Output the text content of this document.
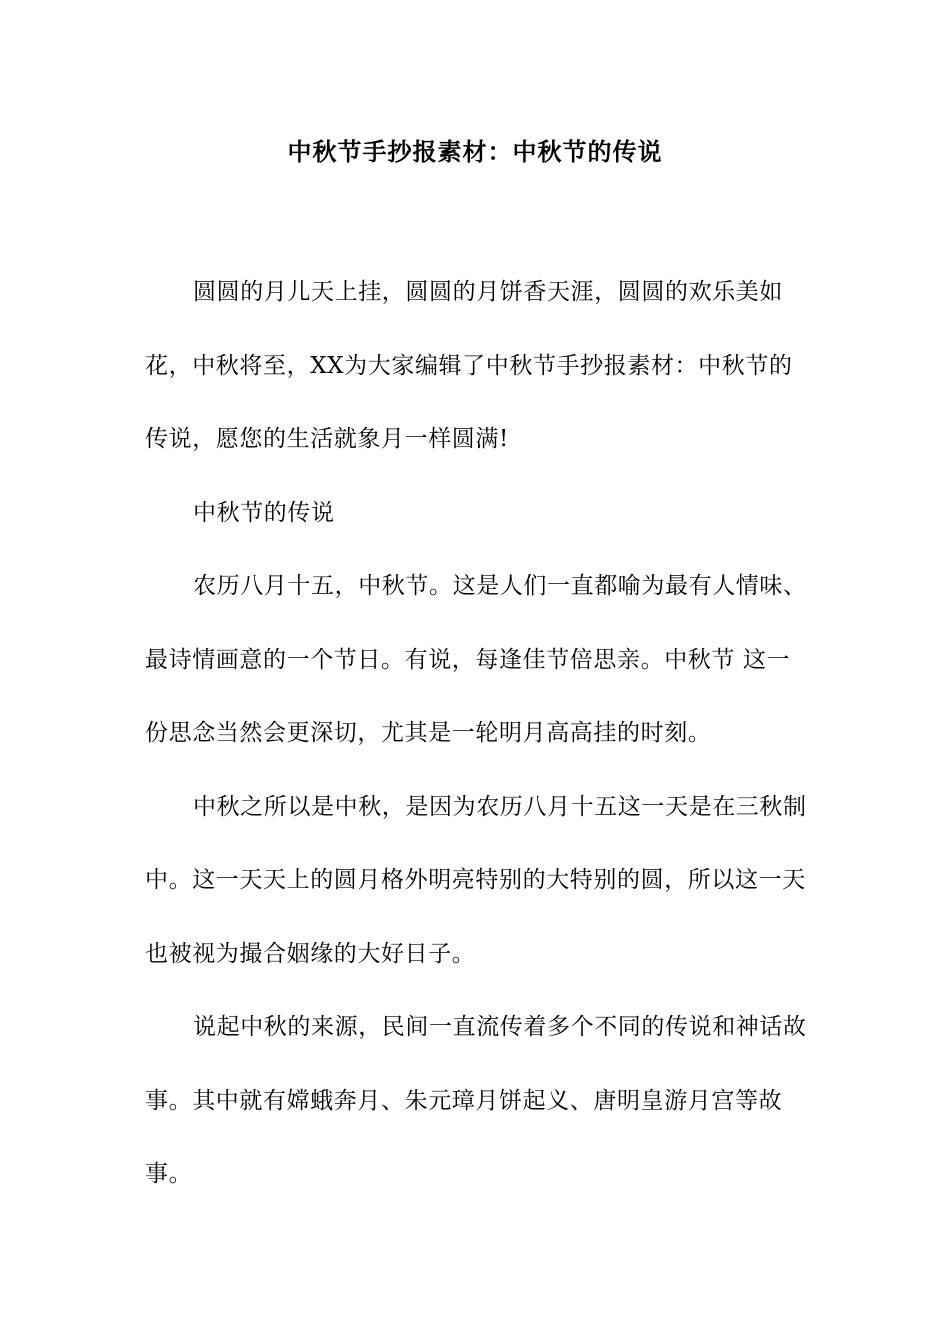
中秋节手抄报素材：中秋节的传说

圆圆的月儿天上挂，圆圆的月饼香天涯，圆圆的欢乐美如花，中秋将至，XX为大家编辑了中秋节手抄报素材：中秋节的传说，愿您的生活就象月一样圆满!

中秋节的传说

农历八月十五，中秋节。这是人们一直都喻为最有人情味、最诗情画意的一个节日。有说，每逢佳节倍思亲。中秋节 这一份思念当然会更深切，尤其是一轮明月高高挂的时刻。

中秋之所以是中秋，是因为农历八月十五这一天是在三秋制中。这一天天上的圆月格外明亮特别的大特别的圆，所以这一天也被视为撮合姻缘的大好日子。

说起中秋的来源，民间一直流传着多个不同的传说和神话故事。其中就有嫦蛾奔月、朱元璋月饼起义、唐明皇游月宫等故事。
